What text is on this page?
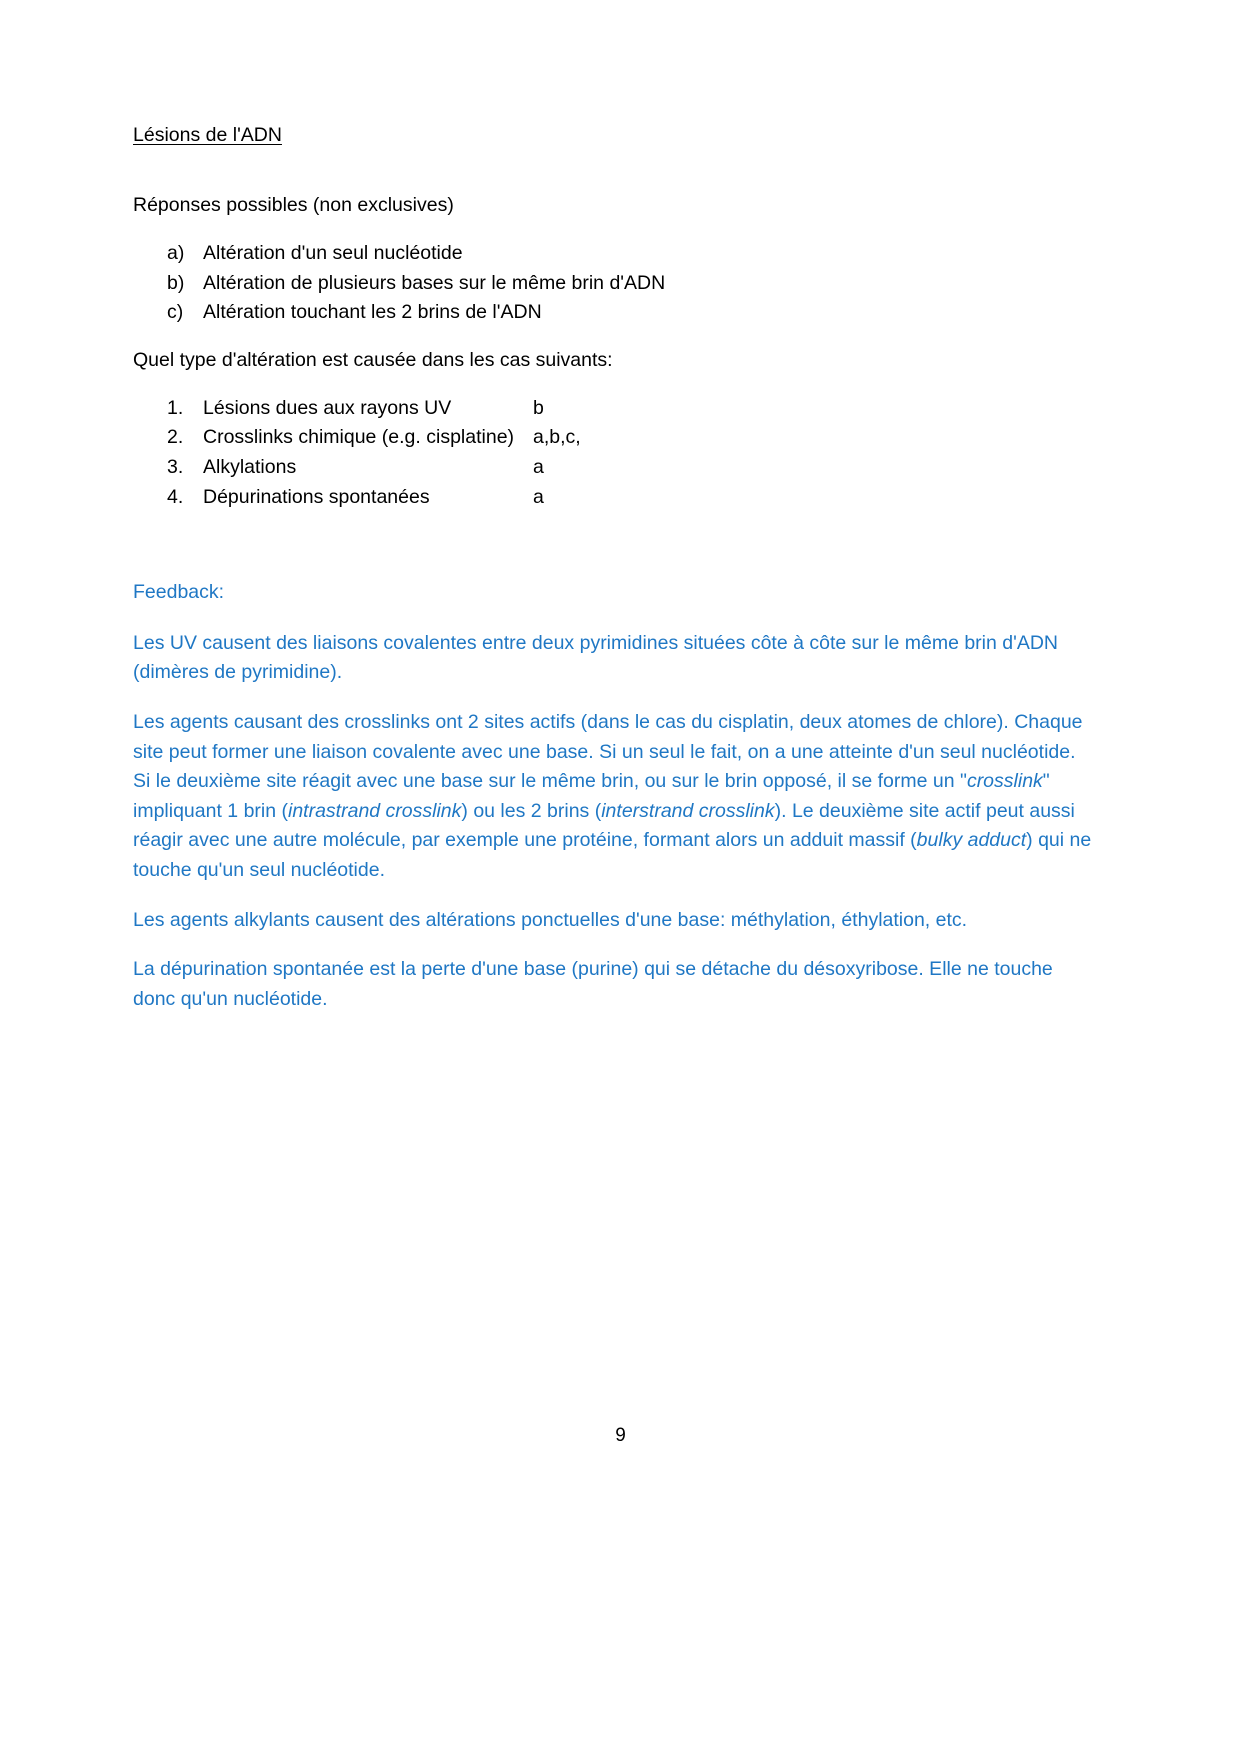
Lésions de l'ADN

Réponses possibles (non exclusives)

a) Altération d'un seul nucléotide
b) Altération de plusieurs bases sur le même brin d'ADN
c)	Altération touchant les 2 brins de l'ADN

Quel type d'altération est causée dans les cas suivants:

1.	Lésions dues aux rayons UV	b
2.	Crosslinks chimique (e.g. cisplatine) a,b,c,
3.	Alkylations	a
4.	Dépurinations spontanées	a

Feedback:

Les UV causent des liaisons covalentes entre deux pyrimidines situées côte à côte sur le même brin d'ADN (dimères de pyrimidine).

Les agents causant des crosslinks ont 2 sites actifs (dans le cas du cisplatin, deux atomes de chlore). Chaque site peut former une liaison covalente avec une base. Si un seul le fait, on a une atteinte d'un seul nucléotide. Si le deuxième site réagit avec une base sur le même brin, ou sur le brin opposé, il se forme un "crosslink" impliquant 1 brin (intrastrand crosslink) ou les 2 brins (interstrand crosslink). Le deuxième site actif peut aussi réagir avec une autre molécule, par exemple une protéine, formant alors un adduit massif (bulky adduct) qui ne touche qu'un seul nucléotide.

Les agents alkylants causent des altérations ponctuelles d'une base: méthylation, éthylation, etc.

La dépurination spontanée est la perte d'une base (purine) qui se détache du désoxyribose. Elle ne touche donc qu'un nucléotide.

9
